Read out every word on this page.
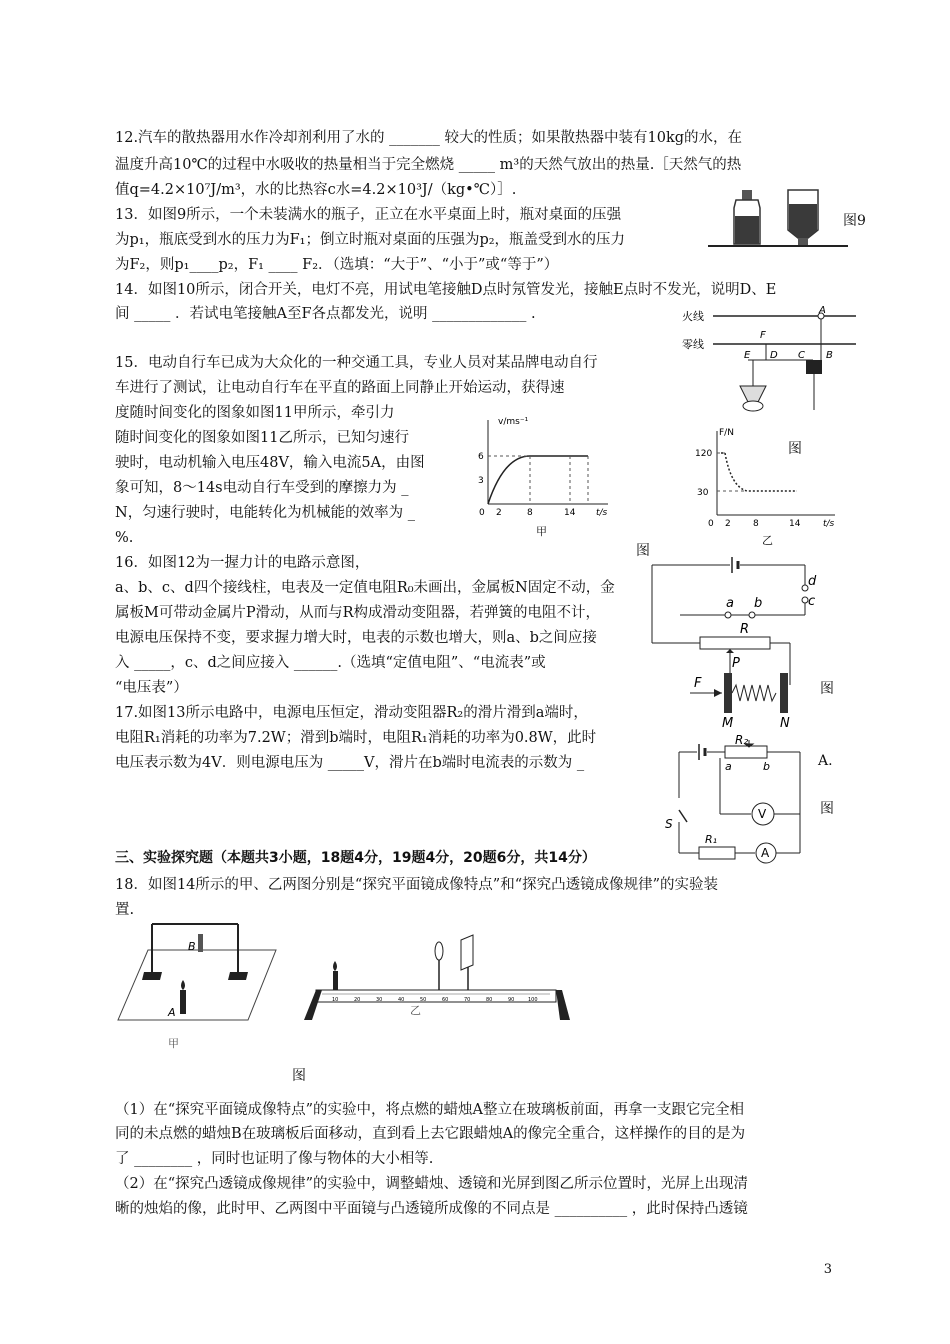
12.汽车的散热器用水作冷却剂利用了水的 _______ 较大的性质；如果散热器中装有10kg的水，在
温度升高10℃的过程中水吸收的热量相当于完全燃烧 _____ m³的天然气放出的热量.［天然气的热
值q=4.2×10⁷J/m³，水的比热容c水=4.2×10³J/（kg•℃）］.
13．如图9所示，一个未装满水的瓶子，正立在水平桌面上时，瓶对桌面的压强
为p₁，瓶底受到水的压力为F₁；倒立时瓶对桌面的压强为p₂，瓶盖受到水的压力
为F₂，则p₁____p₂，F₁ ____ F₂．（选填：“大于”、“小于”或“等于”）
图9
14．如图10所示，闭合开关，电灯不亮，用试电笔接触D点时氖管发光，接触E点时不发光，说明D、E
间 _____ ．若试电笔接触A至F各点都发光，说明 _____________ .	火线
零线
A
B
C
D
E
F
15．电动自行车已成为大众化的一种交通工具，专业人员对某品牌电动自行
车进行了测试，让电动自行车在平直的路面上同静止开始运动，获得速
度随时间变化的图象如图11甲所示，牵引力
随时间变化的图象如图11乙所示，已知匀速行
驶时，电动机输入电压48V，输入电流5A，由图
象可知，8～14s电动自行车受到的摩擦力为 _
N，匀速行驶时，电能转化为机械能的效率为 _
%.
v/ms⁻¹
t/s
3
6
0 2	8	14
甲
F/N
t/s
30
120
0 2 8	14
图
乙
图
16．如图12为一握力计的电路示意图，
a、b、c、d四个接线柱，电表及一定值电阻R₀未画出，金属板N固定不动，金
属板M可带动金属片P滑动，从而与R构成滑动变阻器，若弹簧的电阻不计，
电源电压保持不变，要求握力增大时，电表的示数也增大，则a、b之间应接
入 _____，c、d之间应接入 ______.（选填“定值电阻”、“电流表”或
“电压表”）
d
c
a b
R
P
F
M	N
图
17.如图13所示电路中，电源电压恒定，滑动变阻器R₂的滑片滑到a端时，
电阻R₁消耗的功率为7.2W；滑到b端时，电阻R₁消耗的功率为0.8W，此时
电压表示数为4V．则电源电压为 _____V，滑片在b端时电流表的示数为 _	A.
R₂
a	b
S
V
R₁
A
图
三、实验探究题（本题共3小题，18题4分，19题4分，20题6分，共14分）
18．如图14所示的甲、乙两图分别是“探究平面镜成像特点”和“探究凸透镜成像规律”的实验装
置.
B
A
甲
10	20	30	40	50	60	70	80	90	100
乙
图
（1）在“探究平面镜成像特点”的实验中，将点燃的蜡烛A整立在玻璃板前面，再拿一支跟它完全相
同的未点燃的蜡烛B在玻璃板后面移动，直到看上去它跟蜡烛A的像完全重合，这样操作的目的是为
了 ________ ，同时也证明了像与物体的大小相等.
（2）在“探究凸透镜成像规律”的实验中，调整蜡烛、透镜和光屏到图乙所示位置时，光屏上出现清
晰的烛焰的像，此时甲、乙两图中平面镜与凸透镜所成像的不同点是 __________ ，此时保持凸透镜
3
